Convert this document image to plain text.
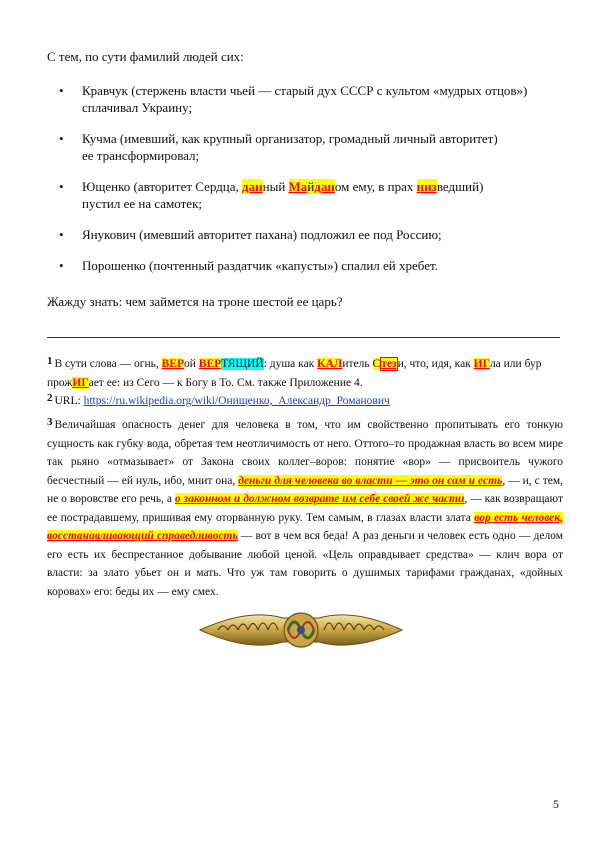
С тем, по сути фамилий людей сих:
• Кравчук (стержень власти чьей — старый дух СССР с культом «мудрых отцов»)
сплачивал Украину;
• Кучма (имевший, как крупный организатор, громадный личный авторитет)
ее трансформировал;
• Ющенко (авторитет Сердца, данный Майданом ему, в прах низведший)
пустил ее на самотек;
• Янукович (имевший авторитет пахана) подложил ее под Россию;
• Порошенко (почтенный раздатчик «капусты») спалил ей хребет.
Жажду знать: чем займется на троне шестой ее царь?
$^1$ В сути слова — огнь, ВЕРой ВЕРТЯЩИЙ: душа как КАЛитель Стези, что, идя, как ИГла или бур
прожИГает ее: из Сего — к Богу в То. См. также Приложение 4.
$^2$ URL: https://ru.wikipedia.org/wiki/Онищенко,_Александр_Романович
$^3$ Величайшая опасность денег для человека в том, что им свойственно пропитывать его тонкую сущность как губку вода, обретая тем неотличимость от него. Оттого–то продажная власть во всем мире так рьяно «отмазывает» от Закона своих коллег–воров: понятие «вор» — присвоитель чужого бесчестный — ей нуль, ибо, мнит она, деньги для человека во власти — это он сам и есть, — и, с тем, не о воровстве его речь, а о законном и должном возврате им себе своей же части, — как возвращают ее пострадавшему, пришивая ему оторванную руку. Тем самым, в глазах власти злата вор есть человек, восстанавливающий справедливость — вот в чем вся беда! А раз деньги и человек есть одно — делом его есть их беспрестанное добывание любой ценой. «Цель оправдывает средства» — клич вора от власти: за злато убьет он и мать. Что уж там говорить о душимых тарифами гражданах, «дойных коровах» его: беды их — ему смех.
5
